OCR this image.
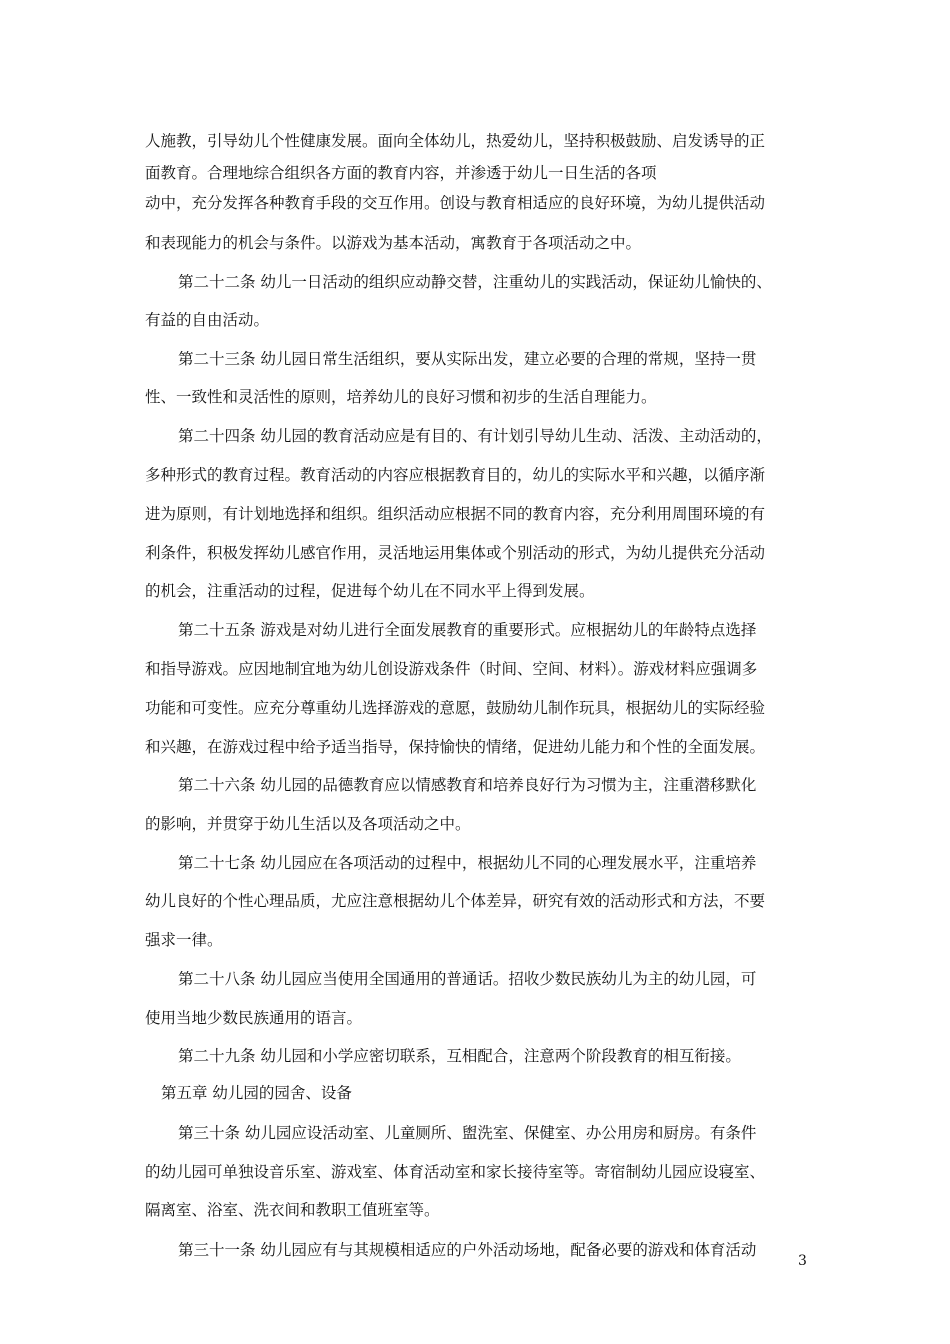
人施教，引导幼儿个性健康发展。面向全体幼儿，热爱幼儿，坚持积极鼓励、启发诱导的正
面教育。合理地综合组织各方面的教育内容，并渗透于幼儿一日生活的各项
动中，充分发挥各种教育手段的交互作用。创设与教育相适应的良好环境，为幼儿提供活动
和表现能力的机会与条件。以游戏为基本活动，寓教育于各项活动之中。
第二十二条 幼儿一日活动的组织应动静交替，注重幼儿的实践活动，保证幼儿愉快的、
有益的自由活动。
第二十三条 幼儿园日常生活组织，要从实际出发，建立必要的合理的常规，坚持一贯
性、一致性和灵活性的原则，培养幼儿的良好习惯和初步的生活自理能力。
第二十四条 幼儿园的教育活动应是有目的、有计划引导幼儿生动、活泼、主动活动的，
多种形式的教育过程。教育活动的内容应根据教育目的，幼儿的实际水平和兴趣，以循序渐
进为原则，有计划地选择和组织。组织活动应根据不同的教育内容，充分利用周围环境的有
利条件，积极发挥幼儿感官作用，灵活地运用集体或个别活动的形式，为幼儿提供充分活动
的机会，注重活动的过程，促进每个幼儿在不同水平上得到发展。
第二十五条 游戏是对幼儿进行全面发展教育的重要形式。应根据幼儿的年龄特点选择
和指导游戏。应因地制宜地为幼儿创设游戏条件（时间、空间、材料）。游戏材料应强调多
功能和可变性。应充分尊重幼儿选择游戏的意愿，鼓励幼儿制作玩具，根据幼儿的实际经验
和兴趣，在游戏过程中给予适当指导，保持愉快的情绪，促进幼儿能力和个性的全面发展。
第二十六条 幼儿园的品德教育应以情感教育和培养良好行为习惯为主，注重潜移默化
的影响，并贯穿于幼儿生活以及各项活动之中。
第二十七条 幼儿园应在各项活动的过程中，根据幼儿不同的心理发展水平，注重培养
幼儿良好的个性心理品质，尤应注意根据幼儿个体差异，研究有效的活动形式和方法，不要
强求一律。
第二十八条 幼儿园应当使用全国通用的普通话。招收少数民族幼儿为主的幼儿园，可
使用当地少数民族通用的语言。
第二十九条 幼儿园和小学应密切联系，互相配合，注意两个阶段教育的相互衔接。
第五章 幼儿园的园舍、设备
第三十条 幼儿园应设活动室、儿童厕所、盥洗室、保健室、办公用房和厨房。有条件
的幼儿园可单独设音乐室、游戏室、体育活动室和家长接待室等。寄宿制幼儿园应设寝室、
隔离室、浴室、洗衣间和教职工值班室等。
第三十一条 幼儿园应有与其规模相适应的户外活动场地，配备必要的游戏和体育活动
3
